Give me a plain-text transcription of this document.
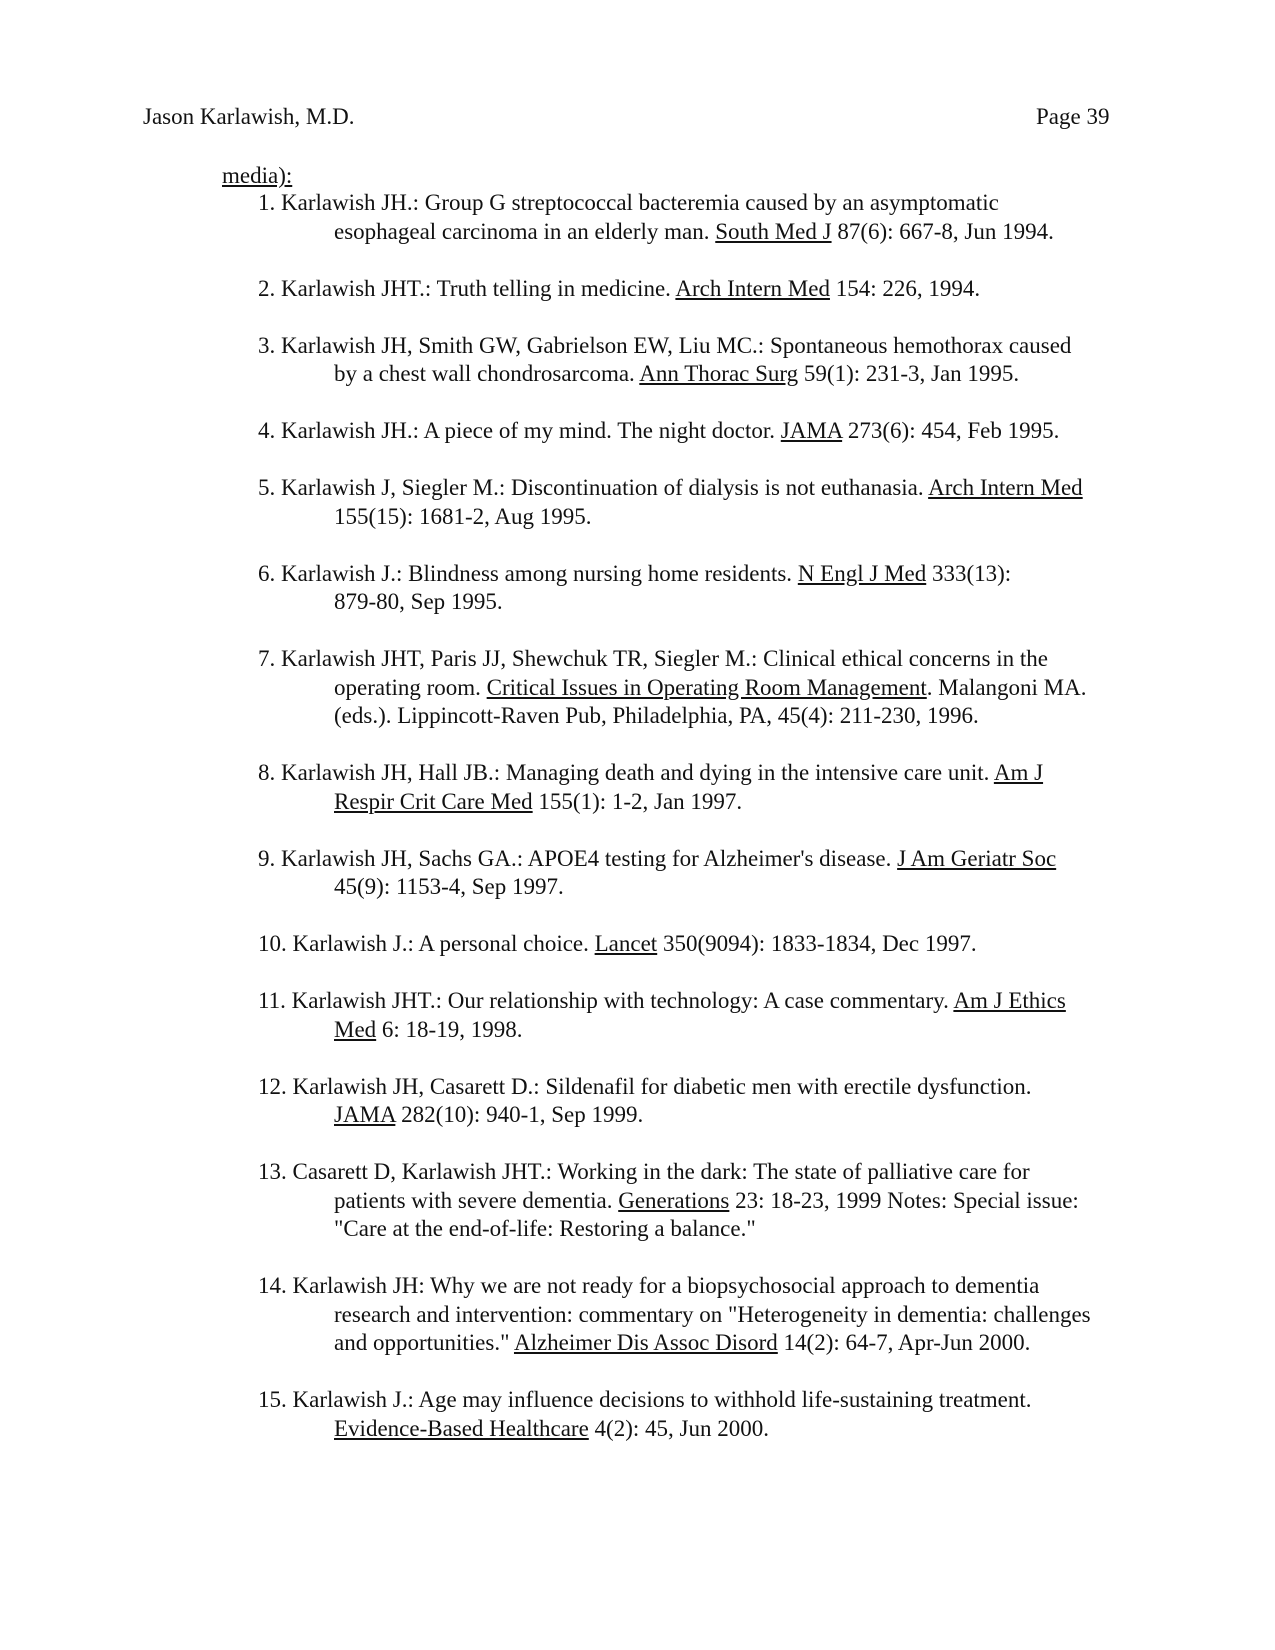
Jason Karlawish, M.D.	Page 39
media):
1. Karlawish JH.: Group G streptococcal bacteremia caused by an asymptomatic
esophageal carcinoma in an elderly man. South Med J 87(6): 667-8, Jun 1994.
2. Karlawish JHT.: Truth telling in medicine. Arch Intern Med 154: 226, 1994.
3. Karlawish JH, Smith GW, Gabrielson EW, Liu MC.: Spontaneous hemothorax caused
by a chest wall chondrosarcoma. Ann Thorac Surg 59(1): 231-3, Jan 1995.
4. Karlawish JH.: A piece of my mind. The night doctor. JAMA 273(6): 454, Feb 1995.
5. Karlawish J, Siegler M.: Discontinuation of dialysis is not euthanasia. Arch Intern Med
155(15): 1681-2, Aug 1995.
6. Karlawish J.: Blindness among nursing home residents. N Engl J Med 333(13):
879-80, Sep 1995.
7. Karlawish JHT, Paris JJ, Shewchuk TR, Siegler M.: Clinical ethical concerns in the
operating room. Critical Issues in Operating Room Management. Malangoni MA.
(eds.). Lippincott-Raven Pub, Philadelphia, PA, 45(4): 211-230, 1996.
8. Karlawish JH, Hall JB.: Managing death and dying in the intensive care unit. Am J
Respir Crit Care Med 155(1): 1-2, Jan 1997.
9. Karlawish JH, Sachs GA.: APOE4 testing for Alzheimer's disease. J Am Geriatr Soc
45(9): 1153-4, Sep 1997.
10. Karlawish J.: A personal choice. Lancet 350(9094): 1833-1834, Dec 1997.
11. Karlawish JHT.: Our relationship with technology: A case commentary. Am J Ethics
Med 6: 18-19, 1998.
12. Karlawish JH, Casarett D.: Sildenafil for diabetic men with erectile dysfunction.
JAMA 282(10): 940-1, Sep 1999.
13. Casarett D, Karlawish JHT.: Working in the dark: The state of palliative care for
patients with severe dementia. Generations 23: 18-23, 1999 Notes: Special issue:
"Care at the end-of-life: Restoring a balance."
14. Karlawish JH: Why we are not ready for a biopsychosocial approach to dementia
research and intervention: commentary on "Heterogeneity in dementia: challenges
and opportunities." Alzheimer Dis Assoc Disord 14(2): 64-7, Apr-Jun 2000.
15. Karlawish J.: Age may influence decisions to withhold life-sustaining treatment.
Evidence-Based Healthcare 4(2): 45, Jun 2000.
